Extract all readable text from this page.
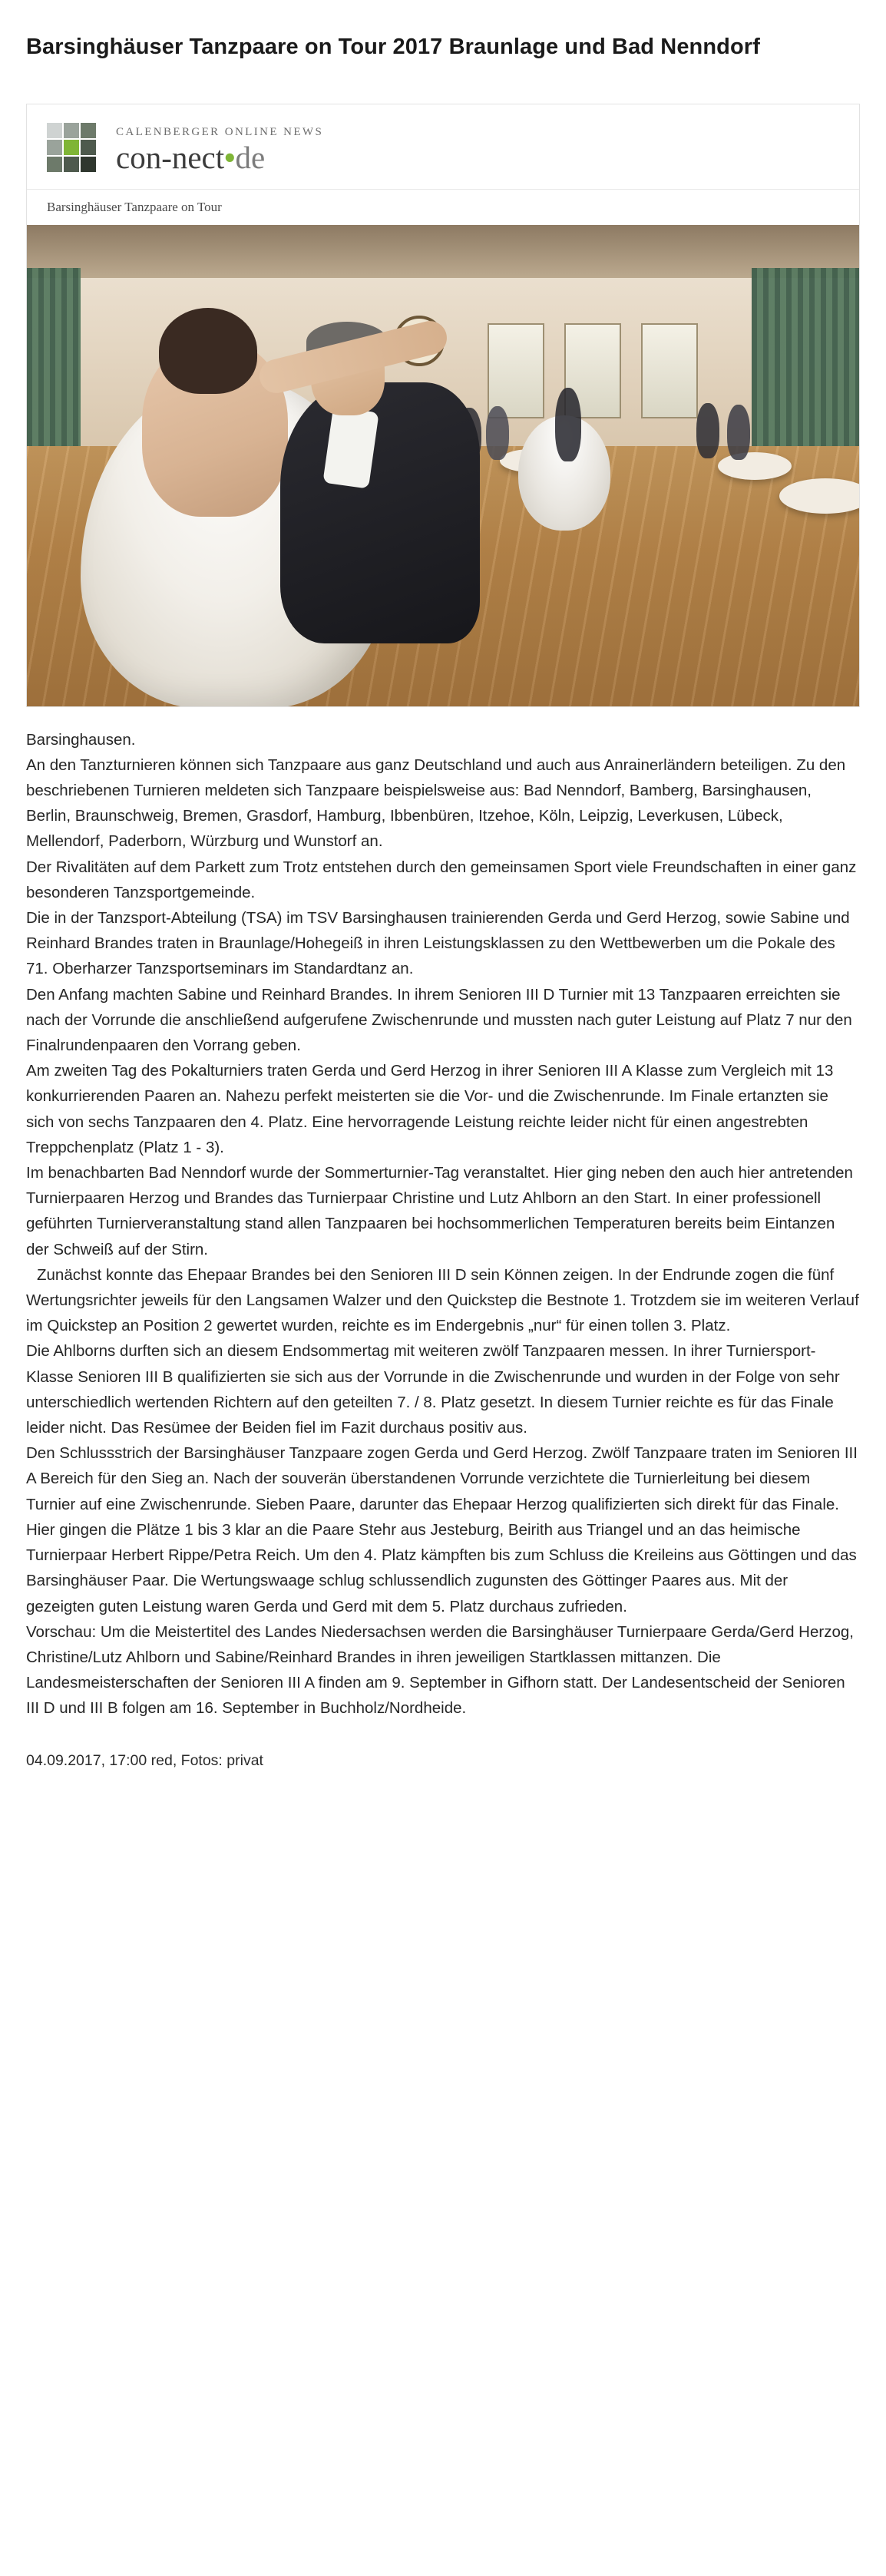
Barsinghäuser Tanzpaare on Tour 2017 Braunlage und Bad Nenndorf
CALENBERGER ONLINE NEWS
con-nect•de
Barsinghäuser Tanzpaare on Tour

Barsinghausen.

An den Tanzturnieren können sich Tanzpaare aus ganz Deutschland und auch aus Anrainerländern beteiligen. Zu den beschriebenen Turnieren meldeten sich Tanzpaare beispielsweise aus: Bad Nenndorf, Bamberg, Barsinghausen, Berlin, Braunschweig, Bremen, Grasdorf, Hamburg, Ibbenbüren, Itzehoe, Köln, Leipzig, Leverkusen, Lübeck, Mellendorf, Paderborn, Würzburg und Wunstorf an.

Der Rivalitäten auf dem Parkett zum Trotz entstehen durch den gemeinsamen Sport viele Freundschaften in einer ganz besonderen Tanzsportgemeinde.

Die in der Tanzsport-Abteilung (TSA) im TSV Barsinghausen trainierenden Gerda und Gerd Herzog, sowie Sabine und Reinhard Brandes traten in Braunlage/Hohegeiß in ihren Leistungsklassen zu den Wettbewerben um die Pokale des 71. Oberharzer Tanzsportseminars im Standardtanz an.

Den Anfang machten Sabine und Reinhard Brandes. In ihrem Senioren III D Turnier mit 13 Tanzpaaren erreichten sie nach der Vorrunde die anschließend aufgerufene Zwischenrunde und mussten nach guter Leistung auf Platz 7 nur den Finalrundenpaaren den Vorrang geben.

Am zweiten Tag des Pokalturniers traten Gerda und Gerd Herzog in ihrer Senioren III A Klasse zum Vergleich mit 13 konkurrierenden Paaren an. Nahezu perfekt meisterten sie die Vor- und die Zwischenrunde. Im Finale ertanzten sie sich von sechs Tanzpaaren den 4. Platz. Eine hervorragende Leistung reichte leider nicht für einen angestrebten Treppchenplatz (Platz 1 - 3).

Im benachbarten Bad Nenndorf wurde der Sommerturnier-Tag veranstaltet. Hier ging neben den auch hier antretenden Turnierpaaren Herzog und Brandes das Turnierpaar Christine und Lutz Ahlborn an den Start. In einer professionell geführten Turnierveranstaltung stand allen Tanzpaaren bei hochsommerlichen Temperaturen bereits beim Eintanzen der Schweiß auf der Stirn.

Zunächst konnte das Ehepaar Brandes bei den Senioren III D sein Können zeigen. In der Endrunde zogen die fünf Wertungsrichter jeweils für den Langsamen Walzer und den Quickstep die Bestnote 1. Trotzdem sie im weiteren Verlauf im Quickstep an Position 2 gewertet wurden, reichte es im Endergebnis „nur“ für einen tollen 3. Platz.

Die Ahlborns durften sich an diesem Endsommertag mit weiteren zwölf Tanzpaaren messen. In ihrer Turniersport-Klasse Senioren III B qualifizierten sie sich aus der Vorrunde in die Zwischenrunde und wurden in der Folge von sehr unterschiedlich wertenden Richtern auf den geteilten 7. / 8. Platz gesetzt. In diesem Turnier reichte es für das Finale leider nicht. Das Resümee der Beiden fiel im Fazit durchaus positiv aus.

Den Schlussstrich der Barsinghäuser Tanzpaare zogen Gerda und Gerd Herzog. Zwölf Tanzpaare traten im Senioren III A Bereich für den Sieg an. Nach der souverän überstandenen Vorrunde verzichtete die Turnierleitung bei diesem Turnier auf eine Zwischenrunde. Sieben Paare, darunter das Ehepaar Herzog qualifizierten sich direkt für das Finale. Hier gingen die Plätze 1 bis 3 klar an die Paare Stehr aus Jesteburg, Beirith aus Triangel und an das heimische Turnierpaar Herbert Rippe/Petra Reich. Um den 4. Platz kämpften bis zum Schluss die Kreileins aus Göttingen und das Barsinghäuser Paar. Die Wertungswaage schlug schlussendlich zugunsten des Göttinger Paares aus. Mit der gezeigten guten Leistung waren Gerda und Gerd mit dem 5. Platz durchaus zufrieden.

Vorschau: Um die Meistertitel des Landes Niedersachsen werden die Barsinghäuser Turnierpaare Gerda/Gerd Herzog, Christine/Lutz Ahlborn und Sabine/Reinhard Brandes in ihren jeweiligen Startklassen mittanzen. Die Landesmeisterschaften der Senioren III A finden am 9. September in Gifhorn statt. Der Landesentscheid der Senioren III D und III B folgen am 16. September in Buchholz/Nordheide.

04.09.2017, 17:00 red, Fotos: privat
